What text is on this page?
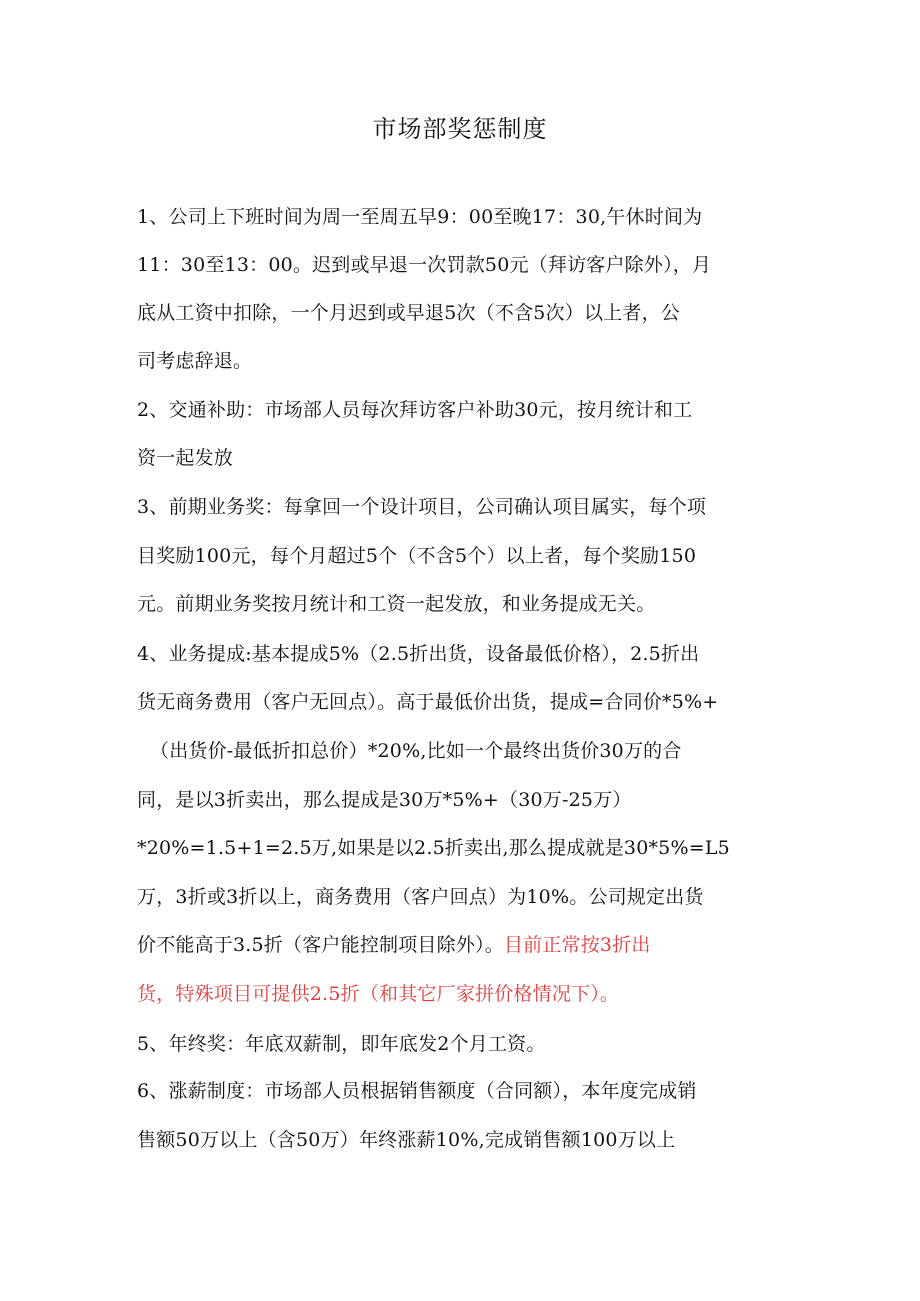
市场部奖惩制度
1、公司上下班时间为周一至周五早9：00至晚17：30,午休时间为
11：30至13：00。迟到或早退一次罚款50元（拜访客户除外），月
底从工资中扣除，一个月迟到或早退5次（不含5次）以上者，公
司考虑辞退。
2、交通补助：市场部人员每次拜访客户补助30元，按月统计和工
资一起发放
3、前期业务奖：每拿回一个设计项目，公司确认项目属实，每个项
目奖励100元，每个月超过5个（不含5个）以上者，每个奖励150
元。前期业务奖按月统计和工资一起发放，和业务提成无关。
4、业务提成:基本提成5%（2.5折出货，设备最低价格），2.5折出
货无商务费用（客户无回点）。高于最低价出货，提成=合同价*5%+
（出货价-最低折扣总价）*20%,比如一个最终出货价30万的合
同，是以3折卖出，那么提成是30万*5%+（30万-25万）
*20%=1.5+1=2.5万,如果是以2.5折卖出,那么提成就是30*5%=L5
万，3折或3折以上，商务费用（客户回点）为10%。公司规定出货
价不能高于3.5折（客户能控制项目除外）。目前正常按3折出
货，特殊项目可提供2.5折（和其它厂家拼价格情况下）。
5、年终奖：年底双薪制，即年底发2个月工资。
6、涨薪制度：市场部人员根据销售额度（合同额），本年度完成销
售额50万以上（含50万）年终涨薪10%,完成销售额100万以上
